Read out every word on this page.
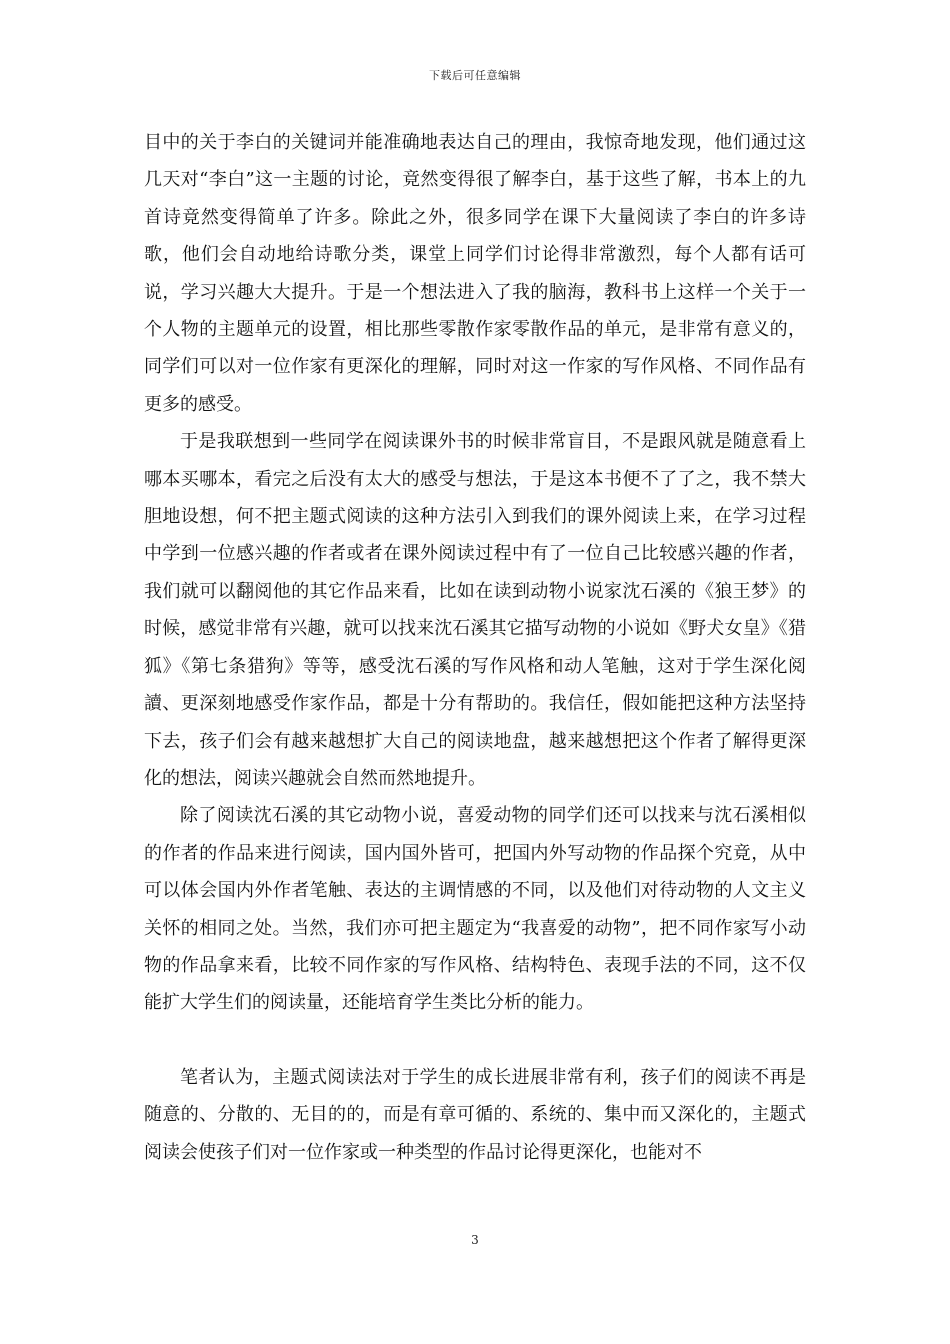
下载后可任意编辑

目中的关于李白的关键词并能准确地表达自己的理由，我惊奇地发现，他们通过这几天对“李白”这一主题的讨论，竟然变得很了解李白，基于这些了解，书本上的九首诗竟然变得简单了许多。除此之外，很多同学在课下大量阅读了李白的许多诗歌，他们会自动地给诗歌分类，课堂上同学们讨论得非常激烈，每个人都有话可说，学习兴趣大大提升。于是一个想法进入了我的脑海，教科书上这样一个关于一个人物的主题单元的设置，相比那些零散作家零散作品的单元，是非常有意义的，同学们可以对一位作家有更深化的理解，同时对这一作家的写作风格、不同作品有更多的感受。

于是我联想到一些同学在阅读课外书的时候非常盲目，不是跟风就是随意看上哪本买哪本，看完之后没有太大的感受与想法，于是这本书便不了了之，我不禁大胆地设想，何不把主题式阅读的这种方法引入到我们的课外阅读上来，在学习过程中学到一位感兴趣的作者或者在课外阅读过程中有了一位自己比较感兴趣的作者，我们就可以翻阅他的其它作品来看，比如在读到动物小说家沈石溪的《狼王梦》的时候，感觉非常有兴趣，就可以找来沈石溪其它描写动物的小说如《野犬女皇》《猎狐》《第七条猎狗》等等，感受沈石溪的写作风格和动人笔触，这对于学生深化阅讀、更深刻地感受作家作品，都是十分有帮助的。我信任，假如能把这种方法坚持下去，孩子们会有越来越想扩大自己的阅读地盘，越来越想把这个作者了解得更深化的想法，阅读兴趣就会自然而然地提升。

除了阅读沈石溪的其它动物小说，喜爱动物的同学们还可以找来与沈石溪相似的作者的作品来进行阅读，国内国外皆可，把国内外写动物的作品探个究竟，从中可以体会国内外作者笔触、表达的主调情感的不同，以及他们对待动物的人文主义关怀的相同之处。当然，我们亦可把主题定为“我喜爱的动物”，把不同作家写小动物的作品拿来看，比较不同作家的写作风格、结构特色、表现手法的不同，这不仅能扩大学生们的阅读量，还能培育学生类比分析的能力。

笔者认为，主题式阅读法对于学生的成长进展非常有利，孩子们的阅读不再是随意的、分散的、无目的的，而是有章可循的、系统的、集中而又深化的，主题式阅读会使孩子们对一位作家或一种类型的作品讨论得更深化，也能对不

3
